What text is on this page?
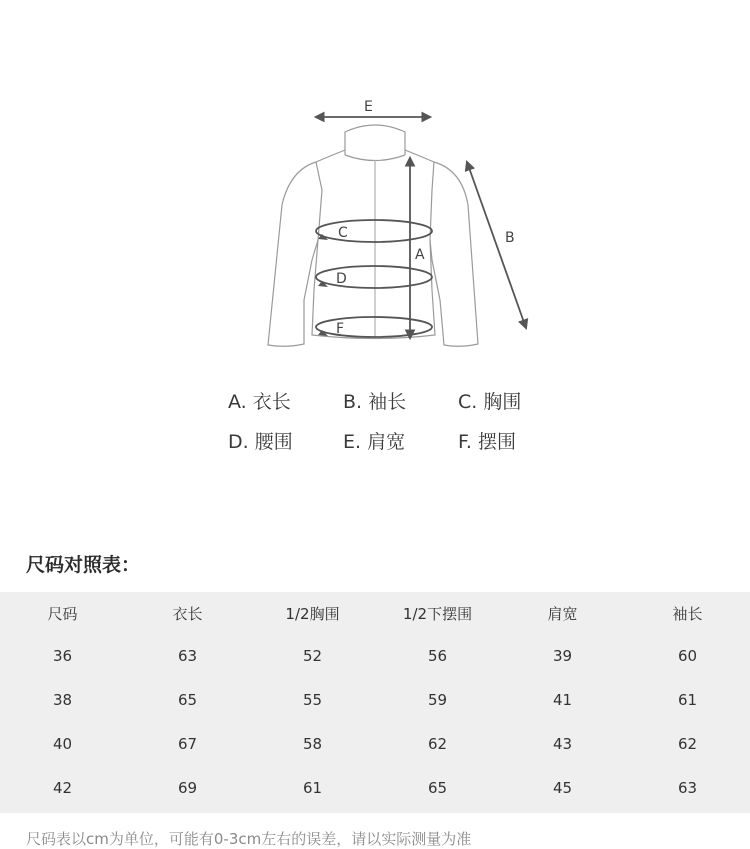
E
A
B
C
D
F
A. 衣长	B. 袖长	C. 胸围
D. 腰围	E. 肩宽	F. 摆围
尺码对照表：
尺码	衣长	1/2胸围	1/2下摆围	肩宽	袖长
36	63	52	56	39	60
38	65	55	59	41	61
40	67	58	62	43	62
42	69	61	65	45	63
尺码表以cm为单位，可能有0-3cm左右的误差，请以实际测量为准
